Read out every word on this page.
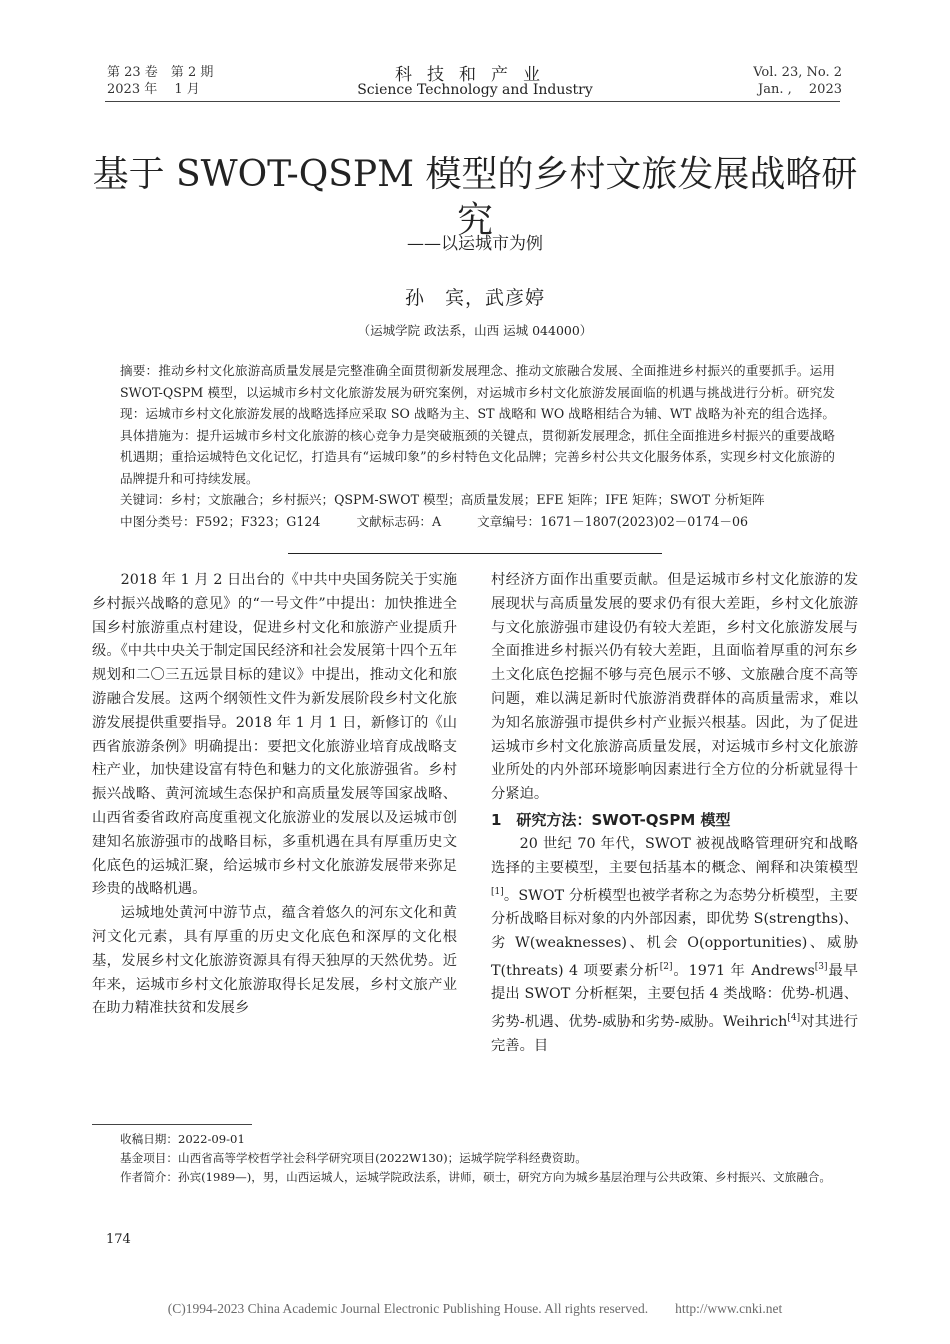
第 23 卷　第 2 期
2023 年　 1 月
科技和产业
Science Technology and Industry
Vol. 23, No. 2
Jan. ,　 2023
基于 SWOT-QSPM 模型的乡村文旅发展战略研究
——以运城市为例
孙　宾，武彦婷
（运城学院 政法系，山西 运城 044000）

摘要：推动乡村文化旅游高质量发展是完整准确全面贯彻新发展理念、推动文旅融合发展、全面推进乡村振兴的重要抓手。运用 SWOT-QSPM 模型，以运城市乡村文化旅游发展为研究案例，对运城市乡村文化旅游发展面临的机遇与挑战进行分析。研究发现：运城市乡村文化旅游发展的战略选择应采取 SO 战略为主、ST 战略和 WO 战略相结合为辅、WT 战略为补充的组合选择。具体措施为：提升运城市乡村文化旅游的核心竞争力是突破瓶颈的关键点，贯彻新发展理念，抓住全面推进乡村振兴的重要战略机遇期；重拾运城特色文化记忆，打造具有“运城印象”的乡村特色文化品牌；完善乡村公共文化服务体系，实现乡村文化旅游的品牌提升和可持续发展。

关键词：乡村；文旅融合；乡村振兴；QSPM-SWOT 模型；高质量发展；EFE 矩阵；IFE 矩阵；SWOT 分析矩阵

中图分类号：F592；F323；G124	文献标志码：A	文章编号：1671－1807(2023)02－0174－06

2018 年 1 月 2 日出台的《中共中央国务院关于实施乡村振兴战略的意见》的“一号文件”中提出：加快推进全国乡村旅游重点村建设，促进乡村文化和旅游产业提质升级。《中共中央关于制定国民经济和社会发展第十四个五年规划和二〇三五远景目标的建议》中提出，推动文化和旅游融合发展。这两个纲领性文件为新发展阶段乡村文化旅游发展提供重要指导。2018 年 1 月 1 日，新修订的《山西省旅游条例》明确提出：要把文化旅游业培育成战略支柱产业，加快建设富有特色和魅力的文化旅游强省。乡村振兴战略、黄河流域生态保护和高质量发展等国家战略、山西省委省政府高度重视文化旅游业的发展以及运城市创建知名旅游强市的战略目标，多重机遇在具有厚重历史文化底色的运城汇聚，给运城市乡村文化旅游发展带来弥足珍贵的战略机遇。

运城地处黄河中游节点，蕴含着悠久的河东文化和黄河文化元素，具有厚重的历史文化底色和深厚的文化根基，发展乡村文化旅游资源具有得天独厚的天然优势。近年来，运城市乡村文化旅游取得长足发展，乡村文旅产业在助力精准扶贫和发展乡

村经济方面作出重要贡献。但是运城市乡村文化旅游的发展现状与高质量发展的要求仍有很大差距，乡村文化旅游与文化旅游强市建设仍有较大差距，乡村文化旅游发展与全面推进乡村振兴仍有较大差距，且面临着厚重的河东乡土文化底色挖掘不够与亮色展示不够、文旅融合度不高等问题，难以满足新时代旅游消费群体的高质量需求，难以为知名旅游强市提供乡村产业振兴根基。因此，为了促进运城市乡村文化旅游高质量发展，对运城市乡村文化旅游业所处的内外部环境影响因素进行全方位的分析就显得十分紧迫。

1　研究方法：SWOT-QSPM 模型

20 世纪 70 年代，SWOT 被视战略管理研究和战略选择的主要模型，主要包括基本的概念、阐释和决策模型[1]。SWOT 分析模型也被学者称之为态势分析模型，主要分析战略目标对象的内外部因素，即优势 S(strengths)、劣 W(weaknesses)、机会 O(opportunities)、威胁 T(threats) 4 项要素分析[2]。1971 年 Andrews[3]最早提出 SWOT 分析框架，主要包括 4 类战略：优势-机遇、劣势-机遇、优势-威胁和劣势-威胁。Weihrich[4]对其进行完善。目

收稿日期：2022-09-01

基金项目：山西省高等学校哲学社会科学研究项目(2022W130)；运城学院学科经费资助。

作者简介：孙宾(1989—)，男，山西运城人，运城学院政法系，讲师，硕士，研究方向为城乡基层治理与公共政策、乡村振兴、文旅融合。

174
(C)1994-2023 China Academic Journal Electronic Publishing House. All rights reserved.　　http://www.cnki.net
